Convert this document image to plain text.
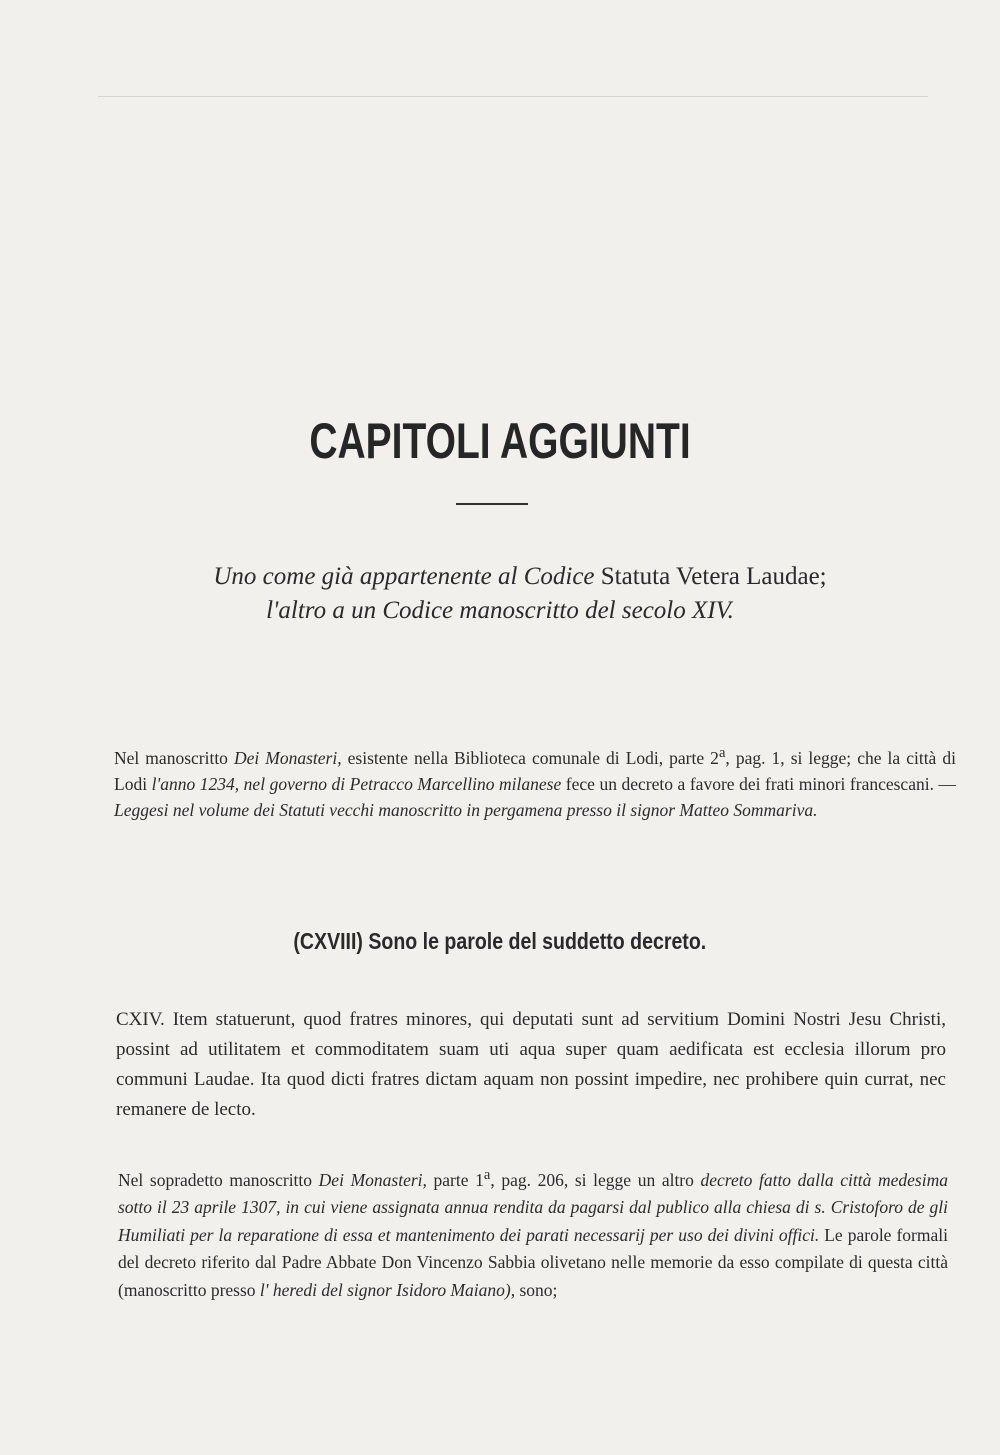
CAPITOLI AGGIUNTI
Uno come già appartenente al Codice Statuta Vetera Laudae;
l'altro a un Codice manoscritto del secolo XIV.
Nel manoscritto Dei Monasteri, esistente nella Biblioteca comunale di Lodi, parte 2$^a$, pag. 1, si legge; che la città di Lodi l'anno 1234, nel governo di Petracco Marcellino milanese fece un decreto a favore dei frati minori francescani. — Leggesi nel volume dei Statuti vecchi manoscritto in pergamena presso il signor Matteo Sommariva.
(CXVIII) Sono le parole del suddetto decreto.
CXIV. Item statuerunt, quod fratres minores, qui deputati sunt ad servitium Domini Nostri Jesu Christi, possint ad utilitatem et commoditatem suam uti aqua super quam aedificata est ecclesia illorum pro communi Laudae. Ita quod dicti fratres dictam aquam non possint impedire, nec prohibere quin currat, nec remanere de lecto.
Nel sopradetto manoscritto Dei Monasteri, parte 1$^a$, pag. 206, si legge un altro decreto fatto dalla città medesima sotto il 23 aprile 1307, in cui viene assignata annua rendita da pagarsi dal publico alla chiesa di s. Cristoforo de gli Humiliati per la reparatione di essa et mantenimento dei parati necessarij per uso dei divini offici. Le parole formali del decreto riferito dal Padre Abbate Don Vincenzo Sabbia olivetano nelle memorie da esso compilate di questa città (manoscritto presso l' heredi del signor Isidoro Maiano), sono;
